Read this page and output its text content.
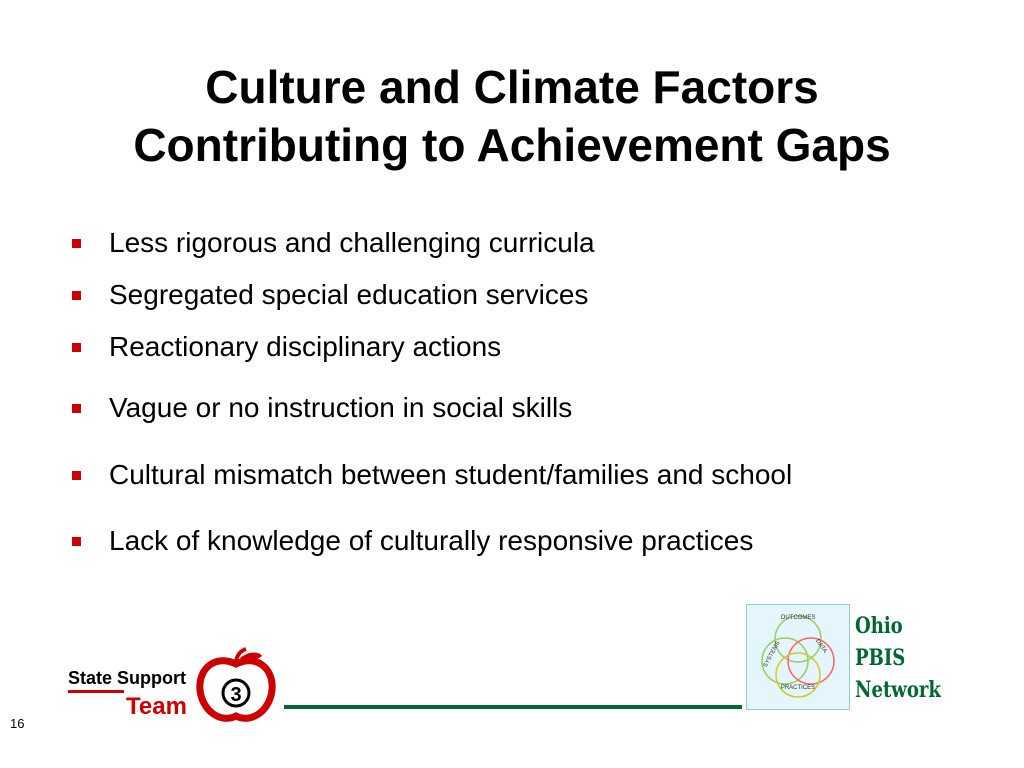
Culture and Climate Factors
Contributing to Achievement Gaps
Less rigorous and challenging curricula
Segregated special education services
Reactionary disciplinary actions
Vague or no instruction in social skills
Cultural mismatch between student/families and school
Lack of knowledge of culturally responsive practices
State Support
Team 3
OUTCOMES
SYSTEMS	DATA
PRACTICES
Ohio
PBIS
Network
16
